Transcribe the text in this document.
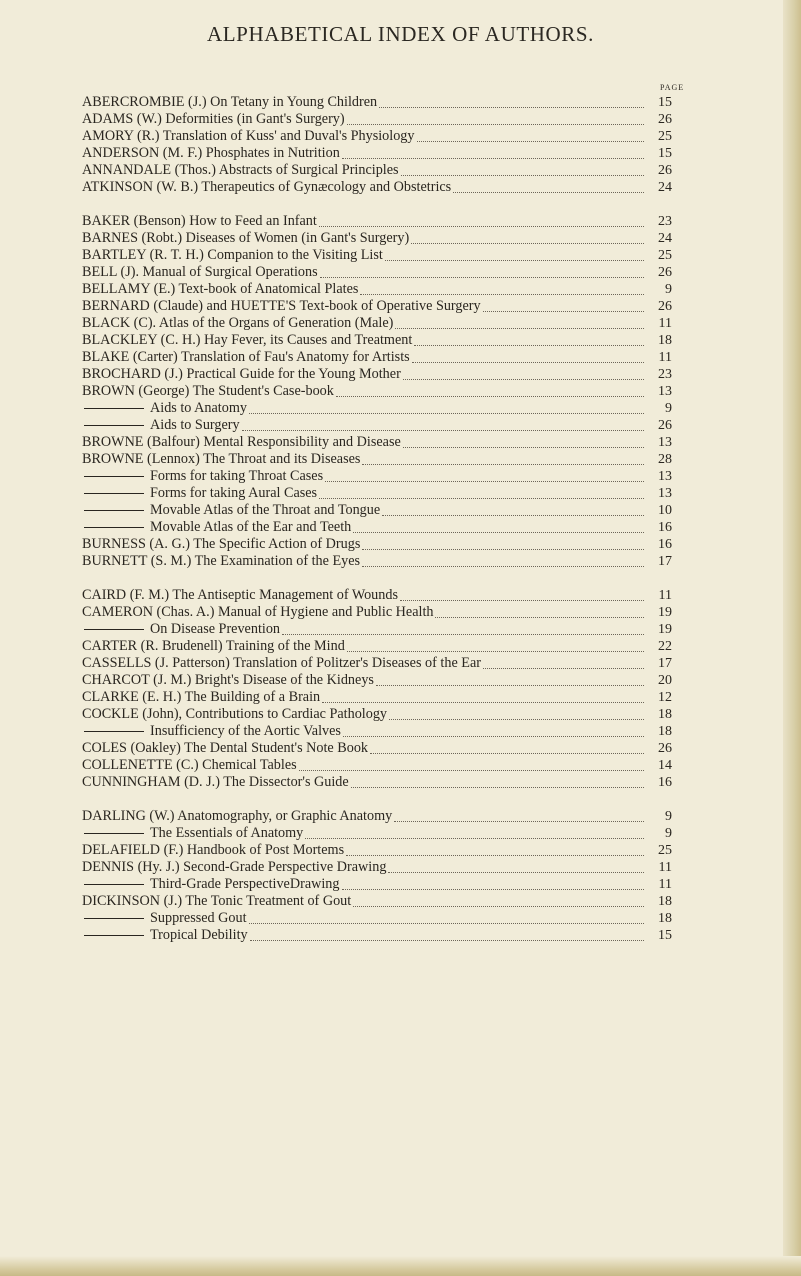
ALPHABETICAL INDEX OF AUTHORS.
PAGE
ABERCROMBIE (J.) On Tetany in Young Children	15
ADAMS (W.) Deformities (in Gant's Surgery)	26
AMORY (R.) Translation of Kuss' and Duval's Physiology	25
ANDERSON (M. F.) Phosphates in Nutrition	15
ANNANDALE (Thos.) Abstracts of Surgical Principles	26
ATKINSON (W. B.) Therapeutics of Gynæcology and Obstetrics	24
BAKER (Benson) How to Feed an Infant	23
BARNES (Robt.) Diseases of Women (in Gant's Surgery)	24
BARTLEY (R. T. H.) Companion to the Visiting List	25
BELL (J). Manual of Surgical Operations	26
BELLAMY (E.) Text-book of Anatomical Plates	9
BERNARD (Claude) and HUETTE'S Text-book of Operative Surgery	26
BLACK (C). Atlas of the Organs of Generation (Male)	11
BLACKLEY (C. H.) Hay Fever, its Causes and Treatment	18
BLAKE (Carter) Translation of Fau's Anatomy for Artists	11
BROCHARD (J.) Practical Guide for the Young Mother	23
BROWN (George) The Student's Case-book	13
Aids to Anatomy	9
Aids to Surgery	26
BROWNE (Balfour) Mental Responsibility and Disease	13
BROWNE (Lennox) The Throat and its Diseases	28
Forms for taking Throat Cases	13
Forms for taking Aural Cases	13
Movable Atlas of the Throat and Tongue	10
Movable Atlas of the Ear and Teeth	16
BURNESS (A. G.) The Specific Action of Drugs	16
BURNETT (S. M.) The Examination of the Eyes	17
CAIRD (F. M.) The Antiseptic Management of Wounds	11
CAMERON (Chas. A.) Manual of Hygiene and Public Health	19
On Disease Prevention	19
CARTER (R. Brudenell) Training of the Mind	22
CASSELLS (J. Patterson) Translation of Politzer's Diseases of the Ear	17
CHARCOT (J. M.) Bright's Disease of the Kidneys	20
CLARKE (E. H.) The Building of a Brain	12
COCKLE (John), Contributions to Cardiac Pathology	18
Insufficiency of the Aortic Valves	18
COLES (Oakley) The Dental Student's Note Book	26
COLLENETTE (C.) Chemical Tables	14
CUNNINGHAM (D. J.) The Dissector's Guide	16
DARLING (W.) Anatomography, or Graphic Anatomy	9
The Essentials of Anatomy	9
DELAFIELD (F.) Handbook of Post Mortems	25
DENNIS (Hy. J.) Second-Grade Perspective Drawing	11
Third-Grade PerspectiveDrawing	11
DICKINSON (J.) The Tonic Treatment of Gout	18
Suppressed Gout	18
Tropical Debility	15
